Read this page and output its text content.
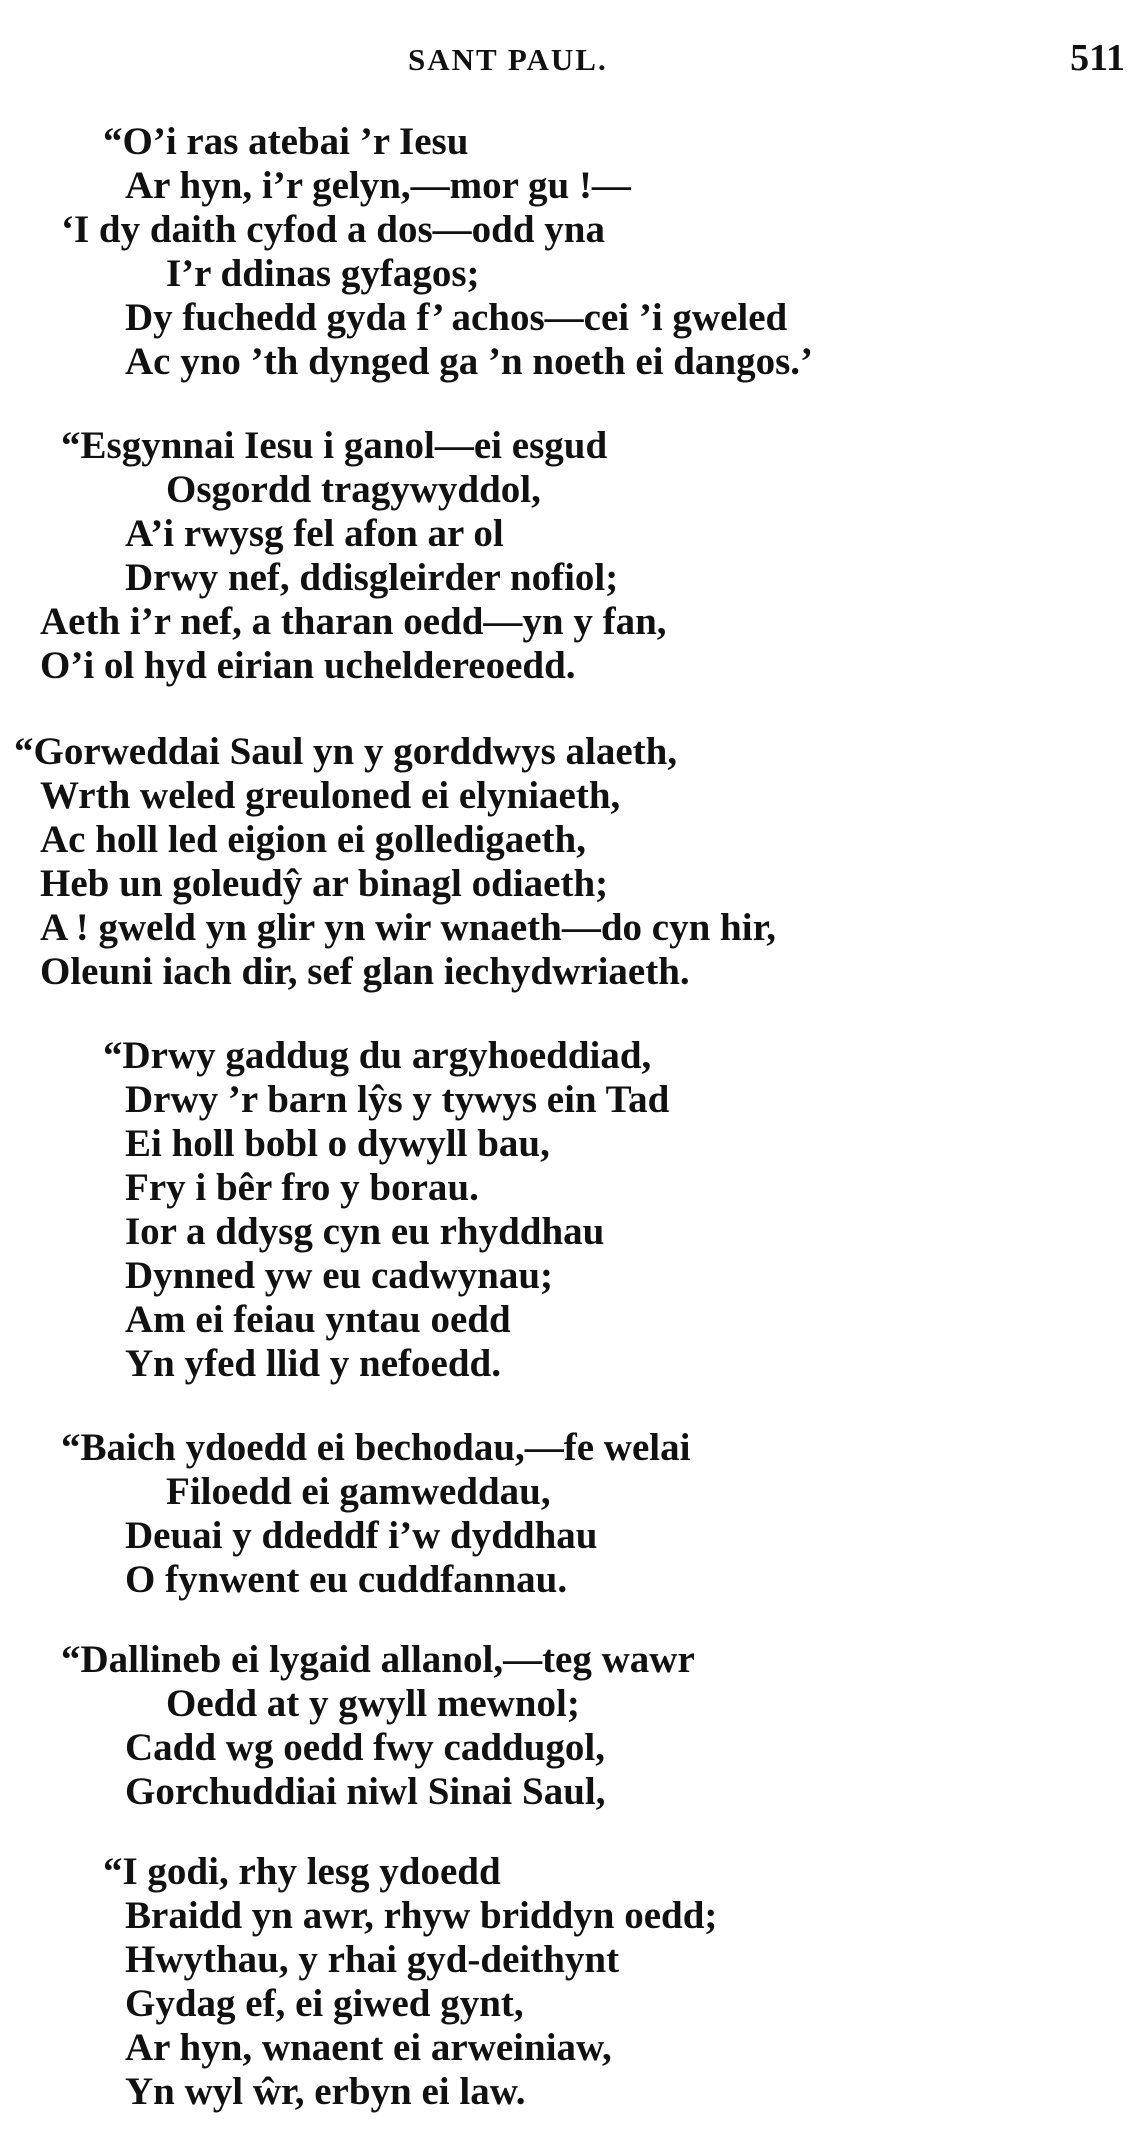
SANT PAUL.	511
“O’i ras atebai ’r Iesu
Ar hyn, i’r gelyn,—mor gu !—
‘I dy daith cyfod a dos—odd yna
I’r ddinas gyfagos;
Dy fuchedd gyda f’ achos—cei ’i gweled
Ac yno ’th dynged ga ’n noeth ei dangos.’
“Esgynnai Iesu i ganol—ei esgud
Osgordd tragywyddol,
A’i rwysg fel afon ar ol
Drwy nef, ddisgleirder nofiol;
Aeth i’r nef, a tharan oedd—yn y fan,
O’i ol hyd eirian ucheldereoedd.
“Gorweddai Saul yn y gorddwys alaeth,
Wrth weled greuloned ei elyniaeth,
Ac holl led eigion ei golledigaeth,
Heb un goleudŷ ar binagl odiaeth;
A ! gweld yn glir yn wir wnaeth—do cyn hir,
Oleuni iach dir, sef glan iechydwriaeth.
“Drwy gaddug du argyhoeddiad,
Drwy ’r barn lŷs y tywys ein Tad
Ei holl bobl o dywyll bau,
Fry i bêr fro y borau.
Ior a ddysg cyn eu rhyddhau
Dynned yw eu cadwynau;
Am ei feiau yntau oedd
Yn yfed llid y nefoedd.
“Baich ydoedd ei bechodau,—fe welai
Filoedd ei gamweddau,
Deuai y ddeddf i’w dyddhau
O fynwent eu cuddfannau.
“Dallineb ei lygaid allanol,—teg wawr
Oedd at y gwyll mewnol;
Cadd wg oedd fwy caddugol,
Gorchuddiai niwl Sinai Saul,
“I godi, rhy lesg ydoedd
Braidd yn awr, rhyw briddyn oedd;
Hwythau, y rhai gyd-deithynt
Gydag ef, ei giwed gynt,
Ar hyn, wnaent ei arweiniaw,
Yn wyl ŵr, erbyn ei law.
